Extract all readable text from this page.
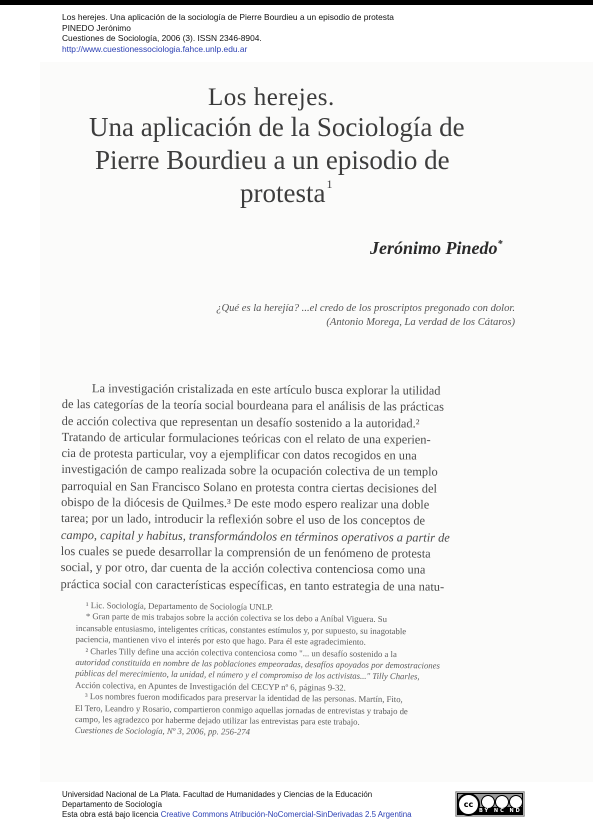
Los herejes. Una aplicación de la sociología de Pierre Bourdieu a un episodio de protesta
PINEDO Jerónimo
Cuestiones de Sociología, 2006 (3). ISSN 2346-8904.
http://www.cuestionessociologia.fahce.unlp.edu.ar
Los herejes.
Una aplicación de la Sociología de
Pierre Bourdieu a un episodio de
protesta$^1$
Jerónimo Pinedo*
¿Qué es la herejía? ...el credo de los proscriptos pregonado con dolor.
(Antonio Morega, La verdad de los Cátaros)
La investigación cristalizada en este artículo busca explorar la utilidad
de las categorías de la teoría social bourdeana para el análisis de las prácticas
de acción colectiva que representan un desafío sostenido a la autoridad.²
Tratando de articular formulaciones teóricas con el relato de una experien-
cia de protesta particular, voy a ejemplificar con datos recogidos en una
investigación de campo realizada sobre la ocupación colectiva de un templo
parroquial en San Francisco Solano en protesta contra ciertas decisiones del
obispo de la diócesis de Quilmes.³ De este modo espero realizar una doble
tarea; por un lado, introducir la reflexión sobre el uso de los conceptos de
campo, capital y habitus, transformándolos en términos operativos a partir de
los cuales se puede desarrollar la comprensión de un fenómeno de protesta
social, y por otro, dar cuenta de la acción colectiva contenciosa como una
práctica social con características específicas, en tanto estrategia de una natu-
¹ Lic. Sociología, Departamento de Sociología UNLP.
* Gran parte de mis trabajos sobre la acción colectiva se los debo a Aníbal Viguera. Su
incansable entusiasmo, inteligentes críticas, constantes estímulos y, por supuesto, su inagotable
paciencia, mantienen vivo el interés por esto que hago. Para él este agradecimiento.
² Charles Tilly define una acción colectiva contenciosa como "... un desafío sostenido a la
autoridad constituida en nombre de las poblaciones empeoradas, desafíos apoyados por demostraciones
públicas del merecimiento, la unidad, el número y el compromiso de los activistas..." Tilly Charles,
Acción colectiva, en Apuntes de Investigación del CECYP nº 6, páginas 9-32.
³ Los nombres fueron modificados para preservar la identidad de las personas. Martín, Fito,
El Tero, Leandro y Rosario, compartieron conmigo aquellas jornadas de entrevistas y trabajo de
campo, les agradezco por haberme dejado utilizar las entrevistas para este trabajo.
Cuestiones de Sociología, Nº 3, 2006, pp. 256-274
Universidad Nacional de La Plata. Facultad de Humanidades y Ciencias de la Educación
Departamento de Sociología
Esta obra está bajo licencia Creative Commons Atribución-NoComercial-SinDerivadas 2.5 Argentina
cc
BY NC ND
